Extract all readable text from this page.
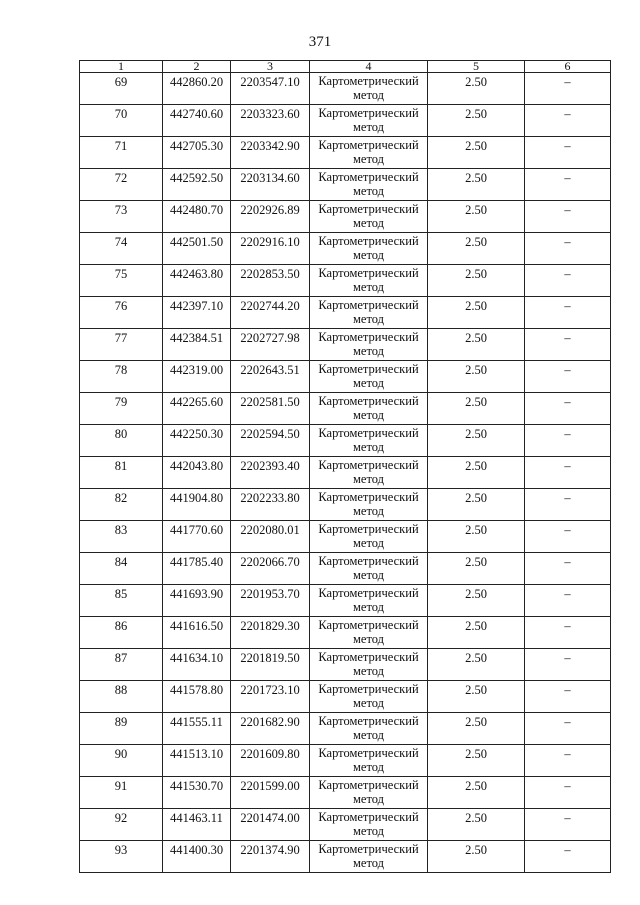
371
1	2	3	4	5	6
69	442860.20	2203547.10	Картометрический метод	2.50	–
70	442740.60	2203323.60	Картометрический метод	2.50	–
71	442705.30	2203342.90	Картометрический метод	2.50	–
72	442592.50	2203134.60	Картометрический метод	2.50	–
73	442480.70	2202926.89	Картометрический метод	2.50	–
74	442501.50	2202916.10	Картометрический метод	2.50	–
75	442463.80	2202853.50	Картометрический метод	2.50	–
76	442397.10	2202744.20	Картометрический метод	2.50	–
77	442384.51	2202727.98	Картометрический метод	2.50	–
78	442319.00	2202643.51	Картометрический метод	2.50	–
79	442265.60	2202581.50	Картометрический метод	2.50	–
80	442250.30	2202594.50	Картометрический метод	2.50	–
81	442043.80	2202393.40	Картометрический метод	2.50	–
82	441904.80	2202233.80	Картометрический метод	2.50	–
83	441770.60	2202080.01	Картометрический метод	2.50	–
84	441785.40	2202066.70	Картометрический метод	2.50	–
85	441693.90	2201953.70	Картометрический метод	2.50	–
86	441616.50	2201829.30	Картометрический метод	2.50	–
87	441634.10	2201819.50	Картометрический метод	2.50	–
88	441578.80	2201723.10	Картометрический метод	2.50	–
89	441555.11	2201682.90	Картометрический метод	2.50	–
90	441513.10	2201609.80	Картометрический метод	2.50	–
91	441530.70	2201599.00	Картометрический метод	2.50	–
92	441463.11	2201474.00	Картометрический метод	2.50	–
93	441400.30	2201374.90	Картометрический метод	2.50	–
